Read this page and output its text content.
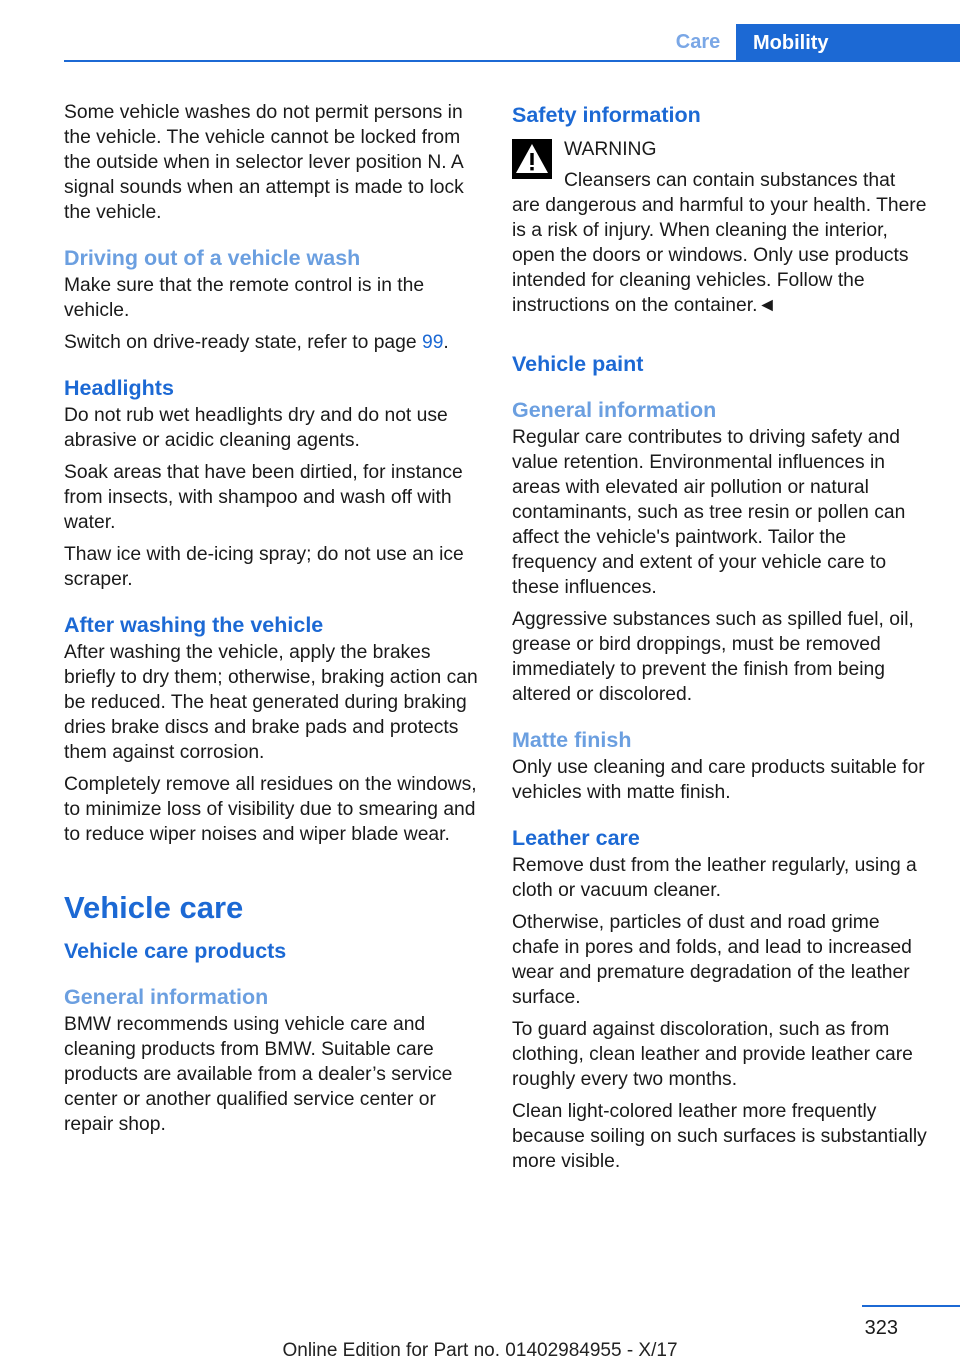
Care	Mobility

Some vehicle washes do not permit persons in the vehicle. The vehicle cannot be locked from the outside when in selector lever position N. A signal sounds when an attempt is made to lock the vehicle.

Driving out of a vehicle wash

Make sure that the remote control is in the vehicle.

Switch on drive-ready state, refer to page 99.

Headlights

Do not rub wet headlights dry and do not use abrasive or acidic cleaning agents.

Soak areas that have been dirtied, for instance from insects, with shampoo and wash off with water.

Thaw ice with de-icing spray; do not use an ice scraper.

After washing the vehicle

After washing the vehicle, apply the brakes briefly to dry them; otherwise, braking action can be reduced. The heat generated during braking dries brake discs and brake pads and protects them against corrosion.

Completely remove all residues on the windows, to minimize loss of visibility due to smearing and to reduce wiper noises and wiper blade wear.

Vehicle care
Vehicle care products
General information

BMW recommends using vehicle care and cleaning products from BMW. Suitable care products are available from a dealer’s service center or another qualified service center or repair shop.

Safety information

WARNING

Cleansers can contain substances that

are dangerous and harmful to your health. There is a risk of injury. When cleaning the interior, open the doors or windows. Only use products intended for cleaning vehicles. Follow the instructions on the container.◄

Vehicle paint
General information

Regular care contributes to driving safety and value retention. Environmental influences in areas with elevated air pollution or natural contaminants, such as tree resin or pollen can affect the vehicle's paintwork. Tailor the frequency and extent of your vehicle care to these influences.

Aggressive substances such as spilled fuel, oil, grease or bird droppings, must be removed immediately to prevent the finish from being altered or discolored.

Matte finish

Only use cleaning and care products suitable for vehicles with matte finish.

Leather care

Remove dust from the leather regularly, using a cloth or vacuum cleaner.

Otherwise, particles of dust and road grime chafe in pores and folds, and lead to increased wear and premature degradation of the leather surface.

To guard against discoloration, such as from clothing, clean leather and provide leather care roughly every two months.

Clean light-colored leather more frequently because soiling on such surfaces is substantially more visible.

323
Online Edition for Part no. 01402984955 - X/17
